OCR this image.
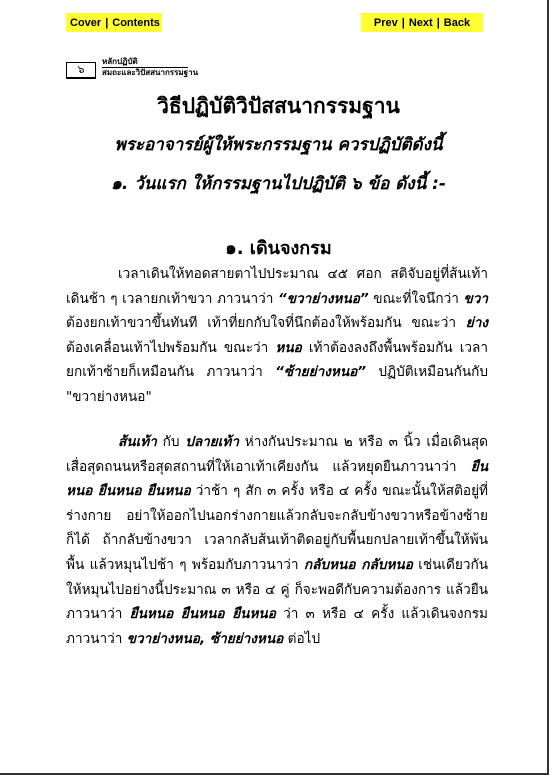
Cover | Contents	Prev | Next | Back
๖
หลักปฏิบัติ
สมถะและวิปัสสนากรรมฐาน
วิธีปฏิบัติวิปัสสนากรรมฐาน
พระอาจารย์ผู้ให้พระกรรมฐาน ควรปฏิบัติดังนี้
๑. วันแรก ให้กรรมฐานไปปฏิบัติ ๖ ข้อ ดังนี้ :-
๑. เดินจงกรม
เวลาเดินให้ทอดสายตาไปประมาณ ๔๕ ศอก สติจับอยู่ที่ส้นเท้า เดินช้า ๆ เวลายกเท้าขวา ภาวนาว่า “ขวาย่างหนอ” ขณะที่ใจนึกว่า ขวา ต้องยกเท้าขวาขึ้นทันที เท้าที่ยกกับใจที่นึกต้องให้พร้อมกัน ขณะว่า ย่าง ต้องเคลื่อนเท้าไปพร้อมกัน ขณะว่า หนอ เท้าต้องลงถึงพื้นพร้อมกัน เวลายกเท้าซ้ายก็เหมือนกัน ภาวนาว่า “ซ้ายย่างหนอ” ปฏิบัติเหมือนกันกับ "ขวาย่างหนอ"
ส้นเท้า กับ ปลายเท้า ห่างกันประมาณ ๒ หรือ ๓ นิ้ว เมื่อเดินสุดเสื่อสุดถนนหรือสุดสถานที่ให้เอาเท้าเคียงกัน แล้วหยุดยืนภาวนาว่า ยืนหนอ ยืนหนอ ยืนหนอ ว่าช้า ๆ สัก ๓ ครั้ง หรือ ๔ ครั้ง ขณะนั้นให้สติอยู่ที่ร่างกาย อย่าให้ออกไปนอกร่างกายแล้วกลับจะกลับข้างขวาหรือข้างซ้ายก็ได้ ถ้ากลับข้างขวา เวลากลับส้นเท้าติดอยู่กับพื้นยกปลายเท้าขึ้นให้พ้นพื้น แล้วหมุนไปช้า ๆ พร้อมกับภาวนาว่า กลับหนอ กลับหนอ เช่นเดียวกันให้หมุนไปอย่างนี้ประมาณ ๓ หรือ ๔ คู่ ก็จะพอดีกับความต้องการ แล้วยืนภาวนาว่า ยืนหนอ ยืนหนอ ยืนหนอ ว่า ๓ หรือ ๔ ครั้ง แล้วเดินจงกรมภาวนาว่า ขวาย่างหนอ, ซ้ายย่างหนอ ต่อไป
